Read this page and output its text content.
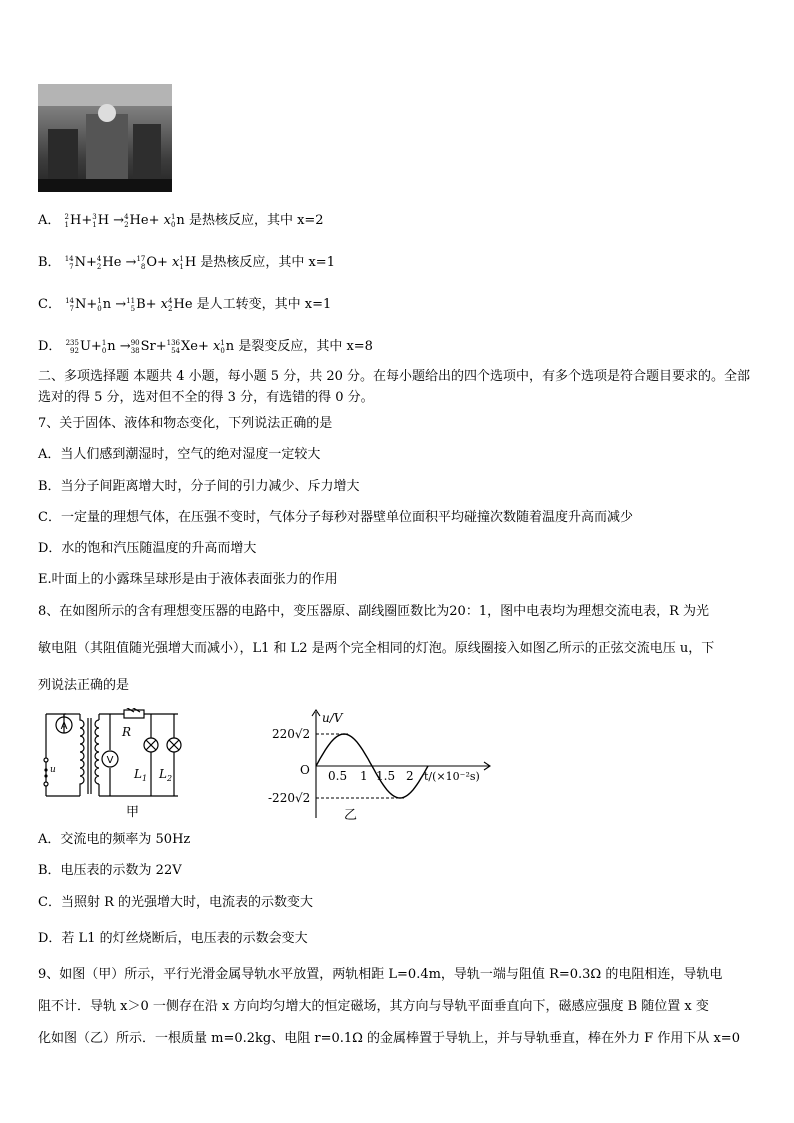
A． 2
1 H+ 3
1 H → 4
2 He+ x 1
0 n 是热核反应，其中 x=2
B． 14
7 N+ 4
2 He → 17
8 O+ x 1
1 H 是热核反应，其中 x=1
C． 14
7 N+ 1
0 n → 11
5 B+ x 4
2 He 是人工转变，其中 x=1
D． 235
92 U+ 1
0 n → 90
38 Sr+ 136
54 Xe+ x 1
0 n 是裂变反应，其中 x=8
二、多项选择题 本题共 4 小题，每小题 5 分，共 20 分。在每小题给出的四个选项中，有多个选项是符合题目要求的。全部选对的得 5 分，选对但不全的得 3 分，有选错的得 0 分。
7、关于固体、液体和物态变化，下列说法正确的是
A．当人们感到潮湿时，空气的绝对湿度一定较大
B．当分子间距离增大时，分子间的引力减少、斥力增大
C．一定量的理想气体，在压强不变时，气体分子每秒对器壁单位面积平均碰撞次数随着温度升高而减少
D．水的饱和汽压随温度的升高而增大
E.叶面上的小露珠呈球形是由于液体表面张力的作用
8、在如图所示的含有理想变压器的电路中，变压器原、副线圈匝数比为20：1，图中电表均为理想交流电表，R 为光
敏电阻（其阻值随光强增大而减小），L1 和 L2 是两个完全相同的灯泡。原线圈接入如图乙所示的正弦交流电压 u，下
列说法正确的是
A
V
u
R
$L_1$ $L_2$
甲
u/V
220√2
-220√2
O 0.5 1 1.5 2 t/(×10⁻²s)
乙
A．交流电的频率为 50Hz
B．电压表的示数为 22V
C．当照射 R 的光强增大时，电流表的示数变大
D．若 L1 的灯丝烧断后，电压表的示数会变大
9、如图（甲）所示，平行光滑金属导轨水平放置，两轨相距 L=0.4m，导轨一端与阻值 R=0.3Ω 的电阻相连，导轨电
阻不计．导轨 x＞0 一侧存在沿 x 方向均匀增大的恒定磁场，其方向与导轨平面垂直向下，磁感应强度 B 随位置 x 变
化如图（乙）所示．一根质量 m=0.2kg、电阻 r=0.1Ω 的金属棒置于导轨上，并与导轨垂直，棒在外力 F 作用下从 x=0
